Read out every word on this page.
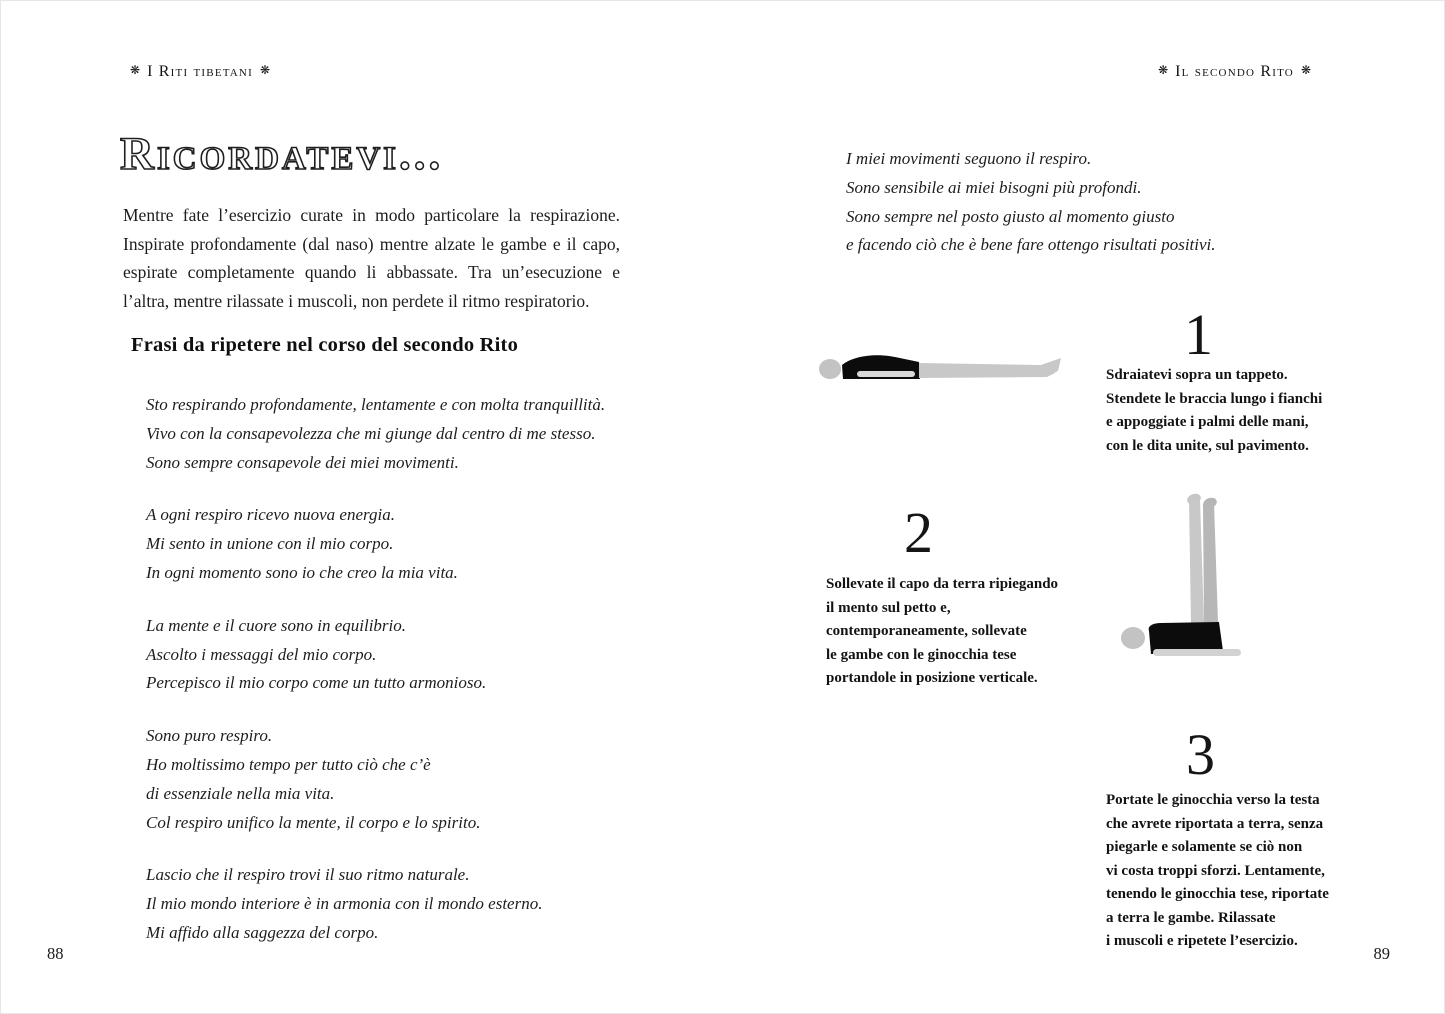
❋ I Riti tibetani ❋	❋ Il secondo Rito ❋
Ricordatevi...
Mentre fate l’esercizio curate in modo particolare la respirazione. Inspirate profondamente (dal naso) mentre alzate le gambe e il capo, espirate completamente quando li abbassate. Tra un’esecuzione e l’altra, mentre rilassate i muscoli, non perdete il ritmo respiratorio.
Frasi da ripetere nel corso del secondo Rito
Sto respirando profondamente, lentamente e con molta tranquillità.
Vivo con la consapevolezza che mi giunge dal centro di me stesso.
Sono sempre consapevole dei miei movimenti.
A ogni respiro ricevo nuova energia.
Mi sento in unione con il mio corpo.
In ogni momento sono io che creo la mia vita.
La mente e il cuore sono in equilibrio.
Ascolto i messaggi del mio corpo.
Percepisco il mio corpo come un tutto armonioso.
Sono puro respiro.
Ho moltissimo tempo per tutto ciò che c’è
di essenziale nella mia vita.
Col respiro unifico la mente, il corpo e lo spirito.
Lascio che il respiro trovi il suo ritmo naturale.
Il mio mondo interiore è in armonia con il mondo esterno.
Mi affido alla saggezza del corpo.
88
I miei movimenti seguono il respiro.
Sono sensibile ai miei bisogni più profondi.
Sono sempre nel posto giusto al momento giusto
e facendo ciò che è bene fare ottengo risultati positivi.
1
Sdraiatevi sopra un tappeto.
Stendete le braccia lungo i fianchi
e appoggiate i palmi delle mani,
con le dita unite, sul pavimento.
2
Sollevate il capo da terra ripiegando
il mento sul petto e,
contemporaneamente, sollevate
le gambe con le ginocchia tese
portandole in posizione verticale.
3
Portate le ginocchia verso la testa
che avrete riportata a terra, senza
piegarle e solamente se ciò non
vi costa troppi sforzi. Lentamente,
tenendo le ginocchia tese, riportate
a terra le gambe. Rilassate
i muscoli e ripetete l’esercizio.
89
